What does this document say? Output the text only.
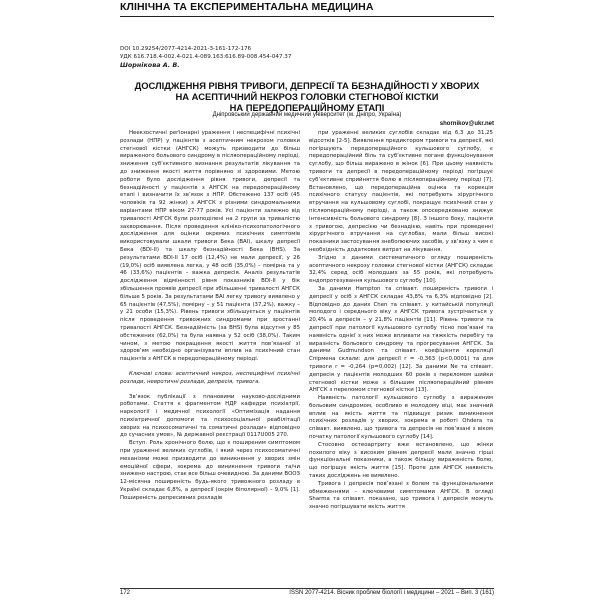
КЛІНІЧНА ТА ЕКСПЕРИМЕНТАЛЬНА МЕДИЦИНА
DOI 10.29254/2077-4214-2021-3-161-172-176
УДК 616.718.4-002.4-021.4-089.163:616.89-008.454-047.37
Шорнікова А. В.
ДОСЛІДЖЕННЯ РІВНЯ ТРИВОГИ, ДЕПРЕСІЇ ТА БЕЗНАДІЙНОСТІ У ХВОРИХ
НА АСЕПТИЧНИЙ НЕКРОЗ ГОЛОВКИ СТЕГНОВОЇ КІСТКИ
НА ПЕРЕДОПЕРАЦІЙНОМУ ЕТАПІ
Дніпровський державний медичний університет (м. Дніпро, Україна)
shornikov@ukr.net

Неекзостичні реґіонарні ураження і неспецифічні психічні розлади (НПР) у пацієнтів з асептичним некрозом головки стегнової кістки (АНГСК) можуть призводити до більш вираженого больового синдрому в післяопераційному періоді, зниження суб’єктивного визнання результатів лікування та до зниження якості життя порівняно зі здоровими. Метою роботи було дослідження рівня тривоги, депресії та безнадійності у пацієнтів з АНГСК на передопераційному етапі і визначити їх зв’язок з НПР. Обстежено 137 осіб (45 чоловіків та 92 жінки) з АНГСК з різними синдромальними варіантами НПР віком 27-77 років. Усі пацієнти залежно від тривалості АНГСК були розподілені на 2 групи за тривалістю захворювання. Після проведення клініко-психопатологічного дослідження для оцінки окремих психічних симптомів використовували шкали тривоги Бека (BAI), шкалу депресії Бека (BDI-II) та шкалу безнадійності Бека (BHS). За результатами BDI-II 17 осіб (12,4%) не мали депресії, у 26 (19,0%) осіб виявлена легка, у 48 осіб (35,0%) – помірна та у 46 (33,6%) пацієнтів – важка депресія. Аналіз результатів дослідження відмінності рівня показників BDI-II у бік збільшення проявів депресії при збільшенні тривалості АНГСК більше 5 років. За результатами BAI легку тривогу виявлено у 65 пацієнтів (47,5%), помірну – у 51 пацієнта (37,2%), важку – у 21 особи (15,3%). Рівень тривоги збільшується у пацієнтів після проведення тривожних синдромами при зростанні тривалості АНГСК. Безнадійність (за BHS) була відсутня у 85 обстежених (62,0%) та була наявна у 52 осіб (38,0%). Таким чином, з метою покращення якості життя пов’язаної зі здоров’ям необхідно організувати вплив на психічний стан пацієнтів з АНГСК в передопераційному періоді.

Ключові слова: асептичний некроз, неспецифічні психічні розлади, невротичні розлади, депресія, тривога.

Зв’язок публікації з плановими науково-дослідними роботами. Стаття є фрагментом НДР кафедри психіатрії, наркології і медичної психології «Оптимізація надання психіатричної допомоги та психосоціальної реабілітації хворих на психосоматичні та соматичні розлади» відповідно до сучасних умов», № державної реєстрації 0117U005 270.

Вступ. Роль хронічного болю, що є поширеним симптомом при ураженні великих суглобів, і який через психосоматичні механізми може призводити до виникнення у хворих змін емоційної сфери, зокрема до виникнення тривоги та/чи знижено настрою, стає все більш очевидною. За даними ВООЗ 12-місячна поширеність будь-якого тривожного розладу в Україні складає 6,8%, а депресії (окрім біполярної) – 9,0% [1]. Поширеність депресивних розладів

при ураженні великих суглобів складає від 6,3 до 31,25 відсотків [2-5]. Виявлення предиктором тривоги та депресії, які погіршують передопераційного кульшового суглобу, є передопераційний біль та суб’єктивне погане функціонування суглобу, що більш виражено в жінок [6]. При цьому наявність тривоги та депресії в передопераційному періоді погіршує суб’єктивне сприйняття болю в післяопераційному періоді [7]. Встановлено, що передопераційна оцінка та корекція психічного статусу пацієнтів, які потребують хірургічного втручання на кульшовому суглобі, покращує психічний стан у післяопераційному періоді, а також опосередковано знижує інтенсивність больового синдрому [8]. З іншого боку, пацієнти з тривогою, депресією чи безнадією, навіть при проведенні хірургічного втручання на суглобах, мали більш високі показники застосування знеболюючих засобів, у зв’язку з чим є необхідність додаткових витрат на лікування.

Згідно з даними систематичного огляду поширеність асептичного некрозу головки стегнової кістки (АНГСК) складає 32,4% серед осіб молодших за 55 років, які потребують ендопротезування кульшового суглобу [10].

За даними Hampton та співавт. поширеність тривоги і депресії у осіб з АНГСК складає 43,8% та 6,3% відповідно [2]. Відповідно до даних Chen та співавт. у китайській популяції молодого і середнього віку з АНГСК тривога зустрічається у 20,4% а депресія – у 21,8% пацієнтів [11]. Рівень тривоги та депресії при патології кульшового суглобу тісно пов’язані та наявність однієї з них може впливати на тяжкість перебігу та виразність больового синдрому та прогресування АНГСК. За даними Gudmundson та співавт. коефіцієнти кореляції Спірмена склали: для депресії r = -0,363 (p<0,0001) та для тривоги r = -0,264 (p=0,002) [12]. За даними Ne та співавт. депресія у пацієнтів молодших 60 років з переломом шийки стегнової кістки може з більшим післяопераційний рівнем АНГСК з переломом стегнової кістки [13].

Наявність патології кульшового суглобу з вираженим больовим синдромом, особливо в молодому віці, має значний вплив на якість життя та підвищує ризик виникнення психічних розладів у хворих, зокрема в роботі Ohdera та співавт. виявлено, що тривога та депресія не пов’язані з віком початку патології кульшового суглобу [14].

Стосовно остеоартриту вже встановлено, що жінки похилого віку з високим рівнем депресії мали значно гірші функціональні показники, а також більшу вираженість болю, що погіршує якість життя [15]. Проте для АНГСК наявність таких досліджень не виявлено.

Тривога і депресія пов’язані з болем та функціональними обмеженнями – ключовими симптомами АНГСК. В огляді Sharma та співавт. показано, що тривога і депресія можуть значно погіршувати якість життя

172	ISSN 2077-4214. Вісник проблем біології і медицини – 2021 – Вип. 3 (161)
